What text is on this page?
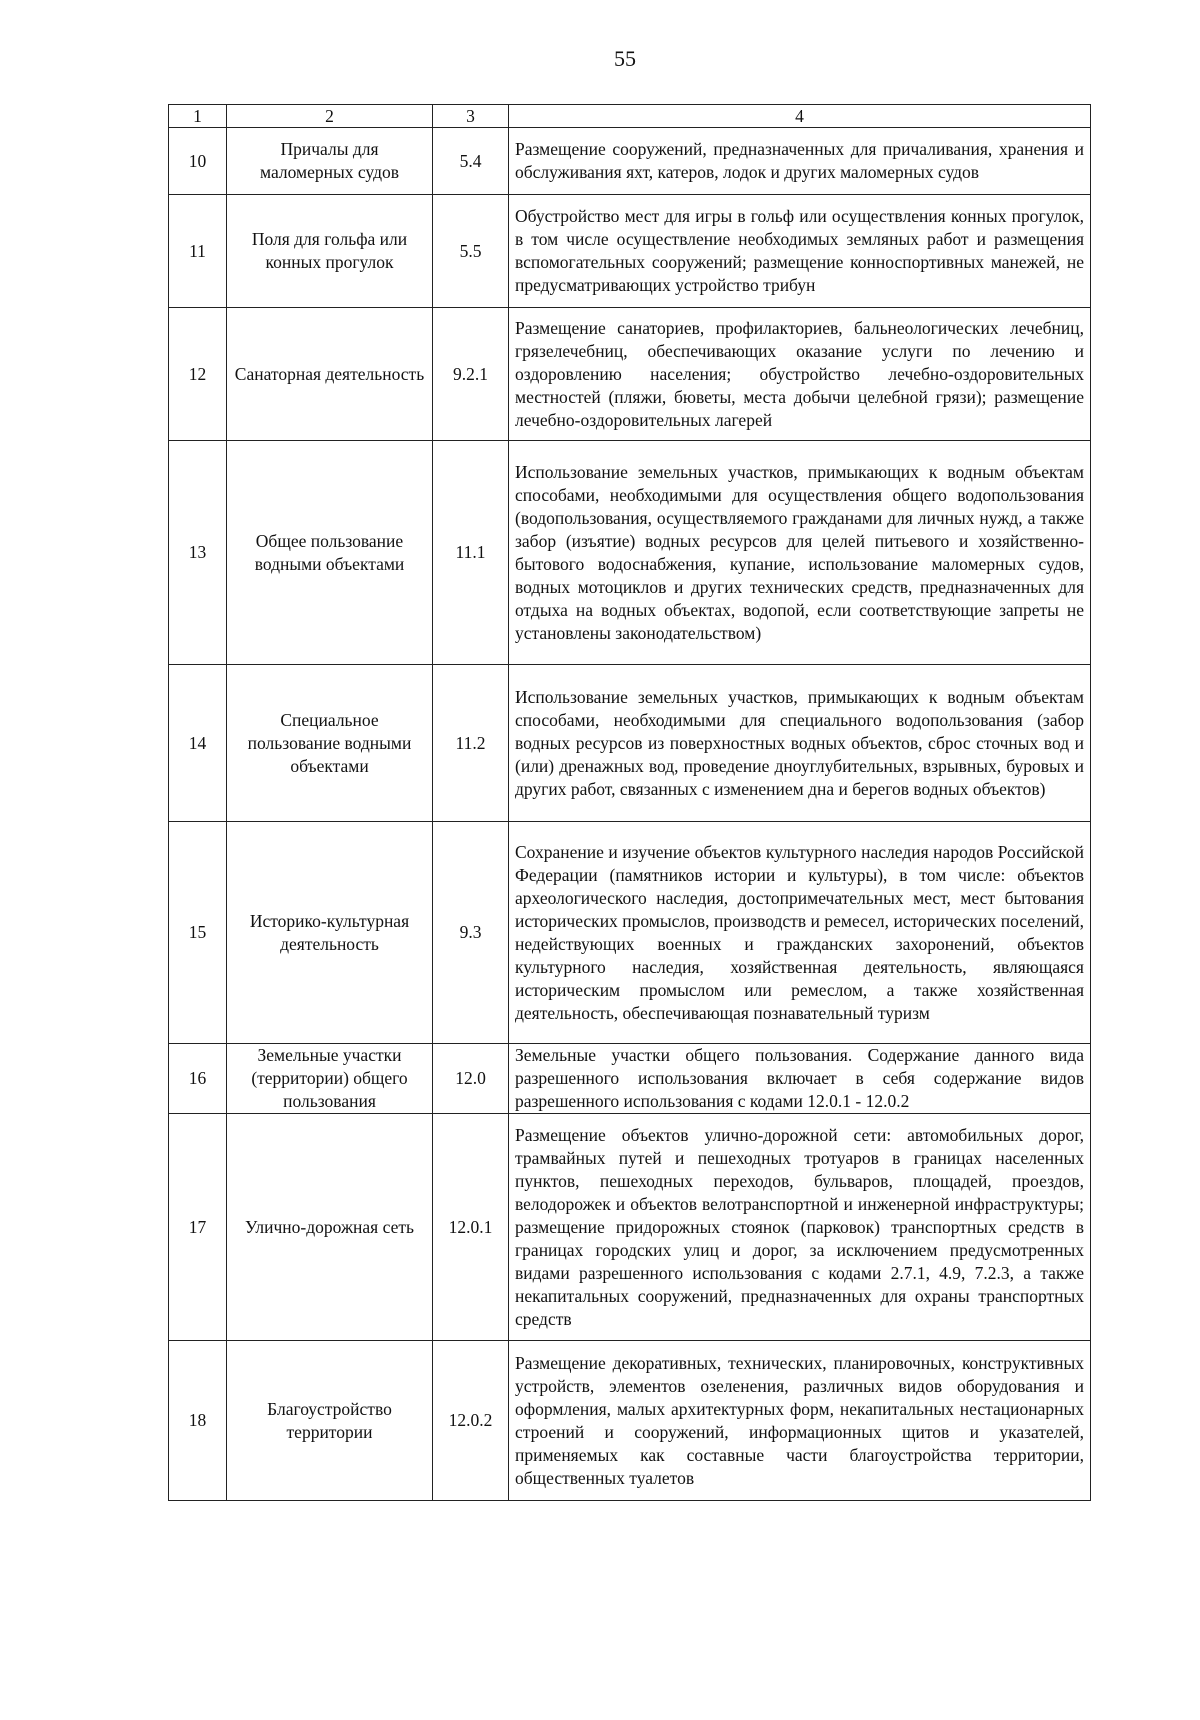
55
1	2	3	4
10	Причалы для маломерных судов	5.4	Размещение сооружений, предназначенных для причаливания, хранения и обслуживания яхт, катеров, лодок и других маломерных судов
11	Поля для гольфа или конных прогулок	5.5	Обустройство мест для игры в гольф или осуществления конных прогулок, в том числе осуществление необходимых земляных работ и размещения вспомогательных сооружений; размещение конноспортивных манежей, не предусматривающих устройство трибун
12	Санаторная деятельность	9.2.1	Размещение санаториев, профилакториев, бальнеологических лечебниц, грязелечебниц, обеспечивающих оказание услуги по лечению и оздоровлению населения; обустройство лечебно-оздоровительных местностей (пляжи, бюветы, места добычи целебной грязи); размещение лечебно-оздоровительных лагерей
13	Общее пользование водными объектами	11.1	Использование земельных участков, примыкающих к водным объектам способами, необходимыми для осуществления общего водопользования (водопользования, осуществляемого гражданами для личных нужд, а также забор (изъятие) водных ресурсов для целей питьевого и хозяйственно-бытового водоснабжения, купание, использование маломерных судов, водных мотоциклов и других технических средств, предназначенных для отдыха на водных объектах, водопой, если соответствующие запреты не установлены законодательством)
14	Специальное пользование водными объектами	11.2	Использование земельных участков, примыкающих к водным объектам способами, необходимыми для специального водопользования (забор водных ресурсов из поверхностных водных объектов, сброс сточных вод и (или) дренажных вод, проведение дноуглубительных, взрывных, буровых и других работ, связанных с изменением дна и берегов водных объектов)
15	Историко-культурная деятельность	9.3	Сохранение и изучение объектов культурного наследия народов Российской Федерации (памятников истории и культуры), в том числе: объектов археологического наследия, достопримечательных мест, мест бытования исторических промыслов, производств и ремесел, исторических поселений, недействующих военных и гражданских захоронений, объектов культурного наследия, хозяйственная деятельность, являющаяся историческим промыслом или ремеслом, а также хозяйственная деятельность, обеспечивающая познавательный туризм
16	Земельные участки (территории) общего пользования	12.0	Земельные участки общего пользования. Содержание данного вида разрешенного использования включает в себя содержание видов разрешенного использования с кодами 12.0.1 - 12.0.2
17	Улично-дорожная сеть	12.0.1	Размещение объектов улично-дорожной сети: автомобильных дорог, трамвайных путей и пешеходных тротуаров в границах населенных пунктов, пешеходных переходов, бульваров, площадей, проездов, велодорожек и объектов велотранспортной и инженерной инфраструктуры; размещение придорожных стоянок (парковок) транспортных средств в границах городских улиц и дорог, за исключением предусмотренных видами разрешенного использования с кодами 2.7.1, 4.9, 7.2.3, а также некапитальных сооружений, предназначенных для охраны транспортных средств
18	Благоустройство территории	12.0.2	Размещение декоративных, технических, планировочных, конструктивных устройств, элементов озеленения, различных видов оборудования и оформления, малых архитектурных форм, некапитальных нестационарных строений и сооружений, информационных щитов и указателей, применяемых как составные части благоустройства территории, общественных туалетов
